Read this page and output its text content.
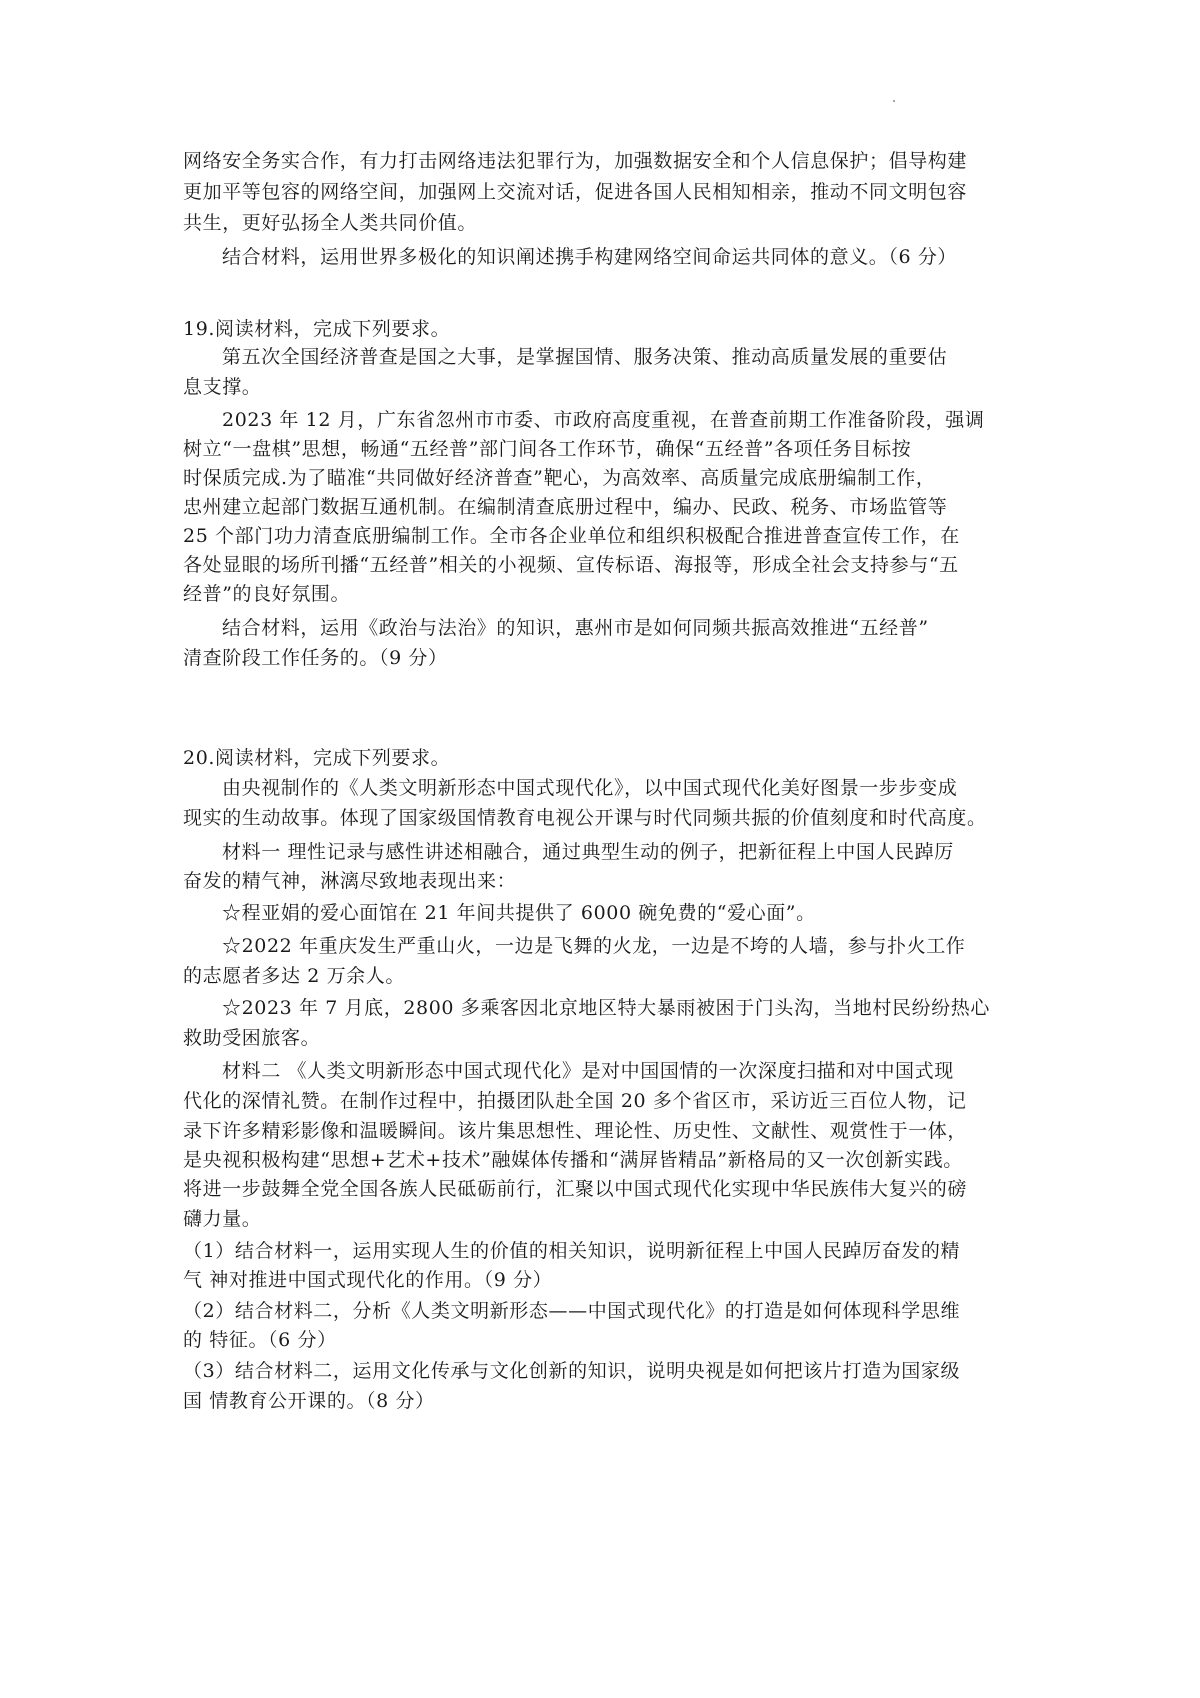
网络安全务实合作，有力打击网络违法犯罪行为，加强数据安全和个人信息保护；倡导构建
更加平等包容的网络空间，加强网上交流对话，促进各国人民相知相亲，推动不同文明包容
共生，更好弘扬全人类共同价值。
结合材料，运用世界多极化的知识阐述携手构建网络空间命运共同体的意义。（6 分）
19.阅读材料，完成下列要求。
第五次全国经济普查是国之大事，是掌握国情、服务决策、推动高质量发展的重要估
息支撑。
2023 年 12 月，广东省忽州市市委、市政府高度重视，在普查前期工作准备阶段，强调
树立“一盘棋”思想，畅通“五经普”部门间各工作环节，确保“五经普”各项任务目标按
时保质完成.为了瞄准“共同做好经济普查”靶心，为高效率、高质量完成底册编制工作，
忠州建立起部门数据互通机制。在编制清查底册过程中，编办、民政、税务、市场监管等
25 个部门功力清查底册编制工作。全市各企业单位和组织积极配合推进普查宣传工作，在
各处显眼的场所刊播“五经普”相关的小视频、宣传标语、海报等，形成全社会支持参与“五
经普”的良好氛围。
结合材料，运用《政治与法治》的知识，惠州市是如何同频共振高效推进“五经普”
清查阶段工作任务的。（9 分）
20.阅读材料，完成下列要求。
由央视制作的《人类文明新形态中国式现代化》，以中国式现代化美好图景一步步变成
现实的生动故事。体现了国家级国情教育电视公开课与时代同频共振的价值刻度和时代高度。
材料一 理性记录与感性讲述相融合，通过典型生动的例子，把新征程上中国人民踔厉
奋发的精气神，淋漓尽致地表现出来：
☆程亚娟的爱心面馆在 21 年间共提供了 6000 碗免费的“爱心面”。
☆2022 年重庆发生严重山火，一边是飞舞的火龙，一边是不垮的人墙，参与扑火工作
的志愿者多达 2 万余人。
☆2023 年 7 月底，2800 多乘客因北京地区特大暴雨被困于门头沟，当地村民纷纷热心
救助受困旅客。
材料二 《人类文明新形态中国式现代化》是对中国国情的一次深度扫描和对中国式现
代化的深情礼赞。在制作过程中，拍摄团队赴全国 20 多个省区市，采访近三百位人物，记
录下许多精彩影像和温暖瞬间。该片集思想性、理论性、历史性、文献性、观赏性于一体，
是央视积极构建“思想+艺术+技术”融媒体传播和“满屏皆精品”新格局的又一次创新实践。
将进一步鼓舞全党全国各族人民砥砺前行，汇聚以中国式现代化实现中华民族伟大复兴的磅
礴力量。
（1）结合材料一，运用实现人生的价值的相关知识，说明新征程上中国人民踔厉奋发的精
气 神对推进中国式现代化的作用。（9 分）
（2）结合材料二，分析《人类文明新形态——中国式现代化》的打造是如何体现科学思维
的 特征。（6 分）
（3）结合材料二，运用文化传承与文化创新的知识，说明央视是如何把该片打造为国家级
国 情教育公开课的。（8 分）
